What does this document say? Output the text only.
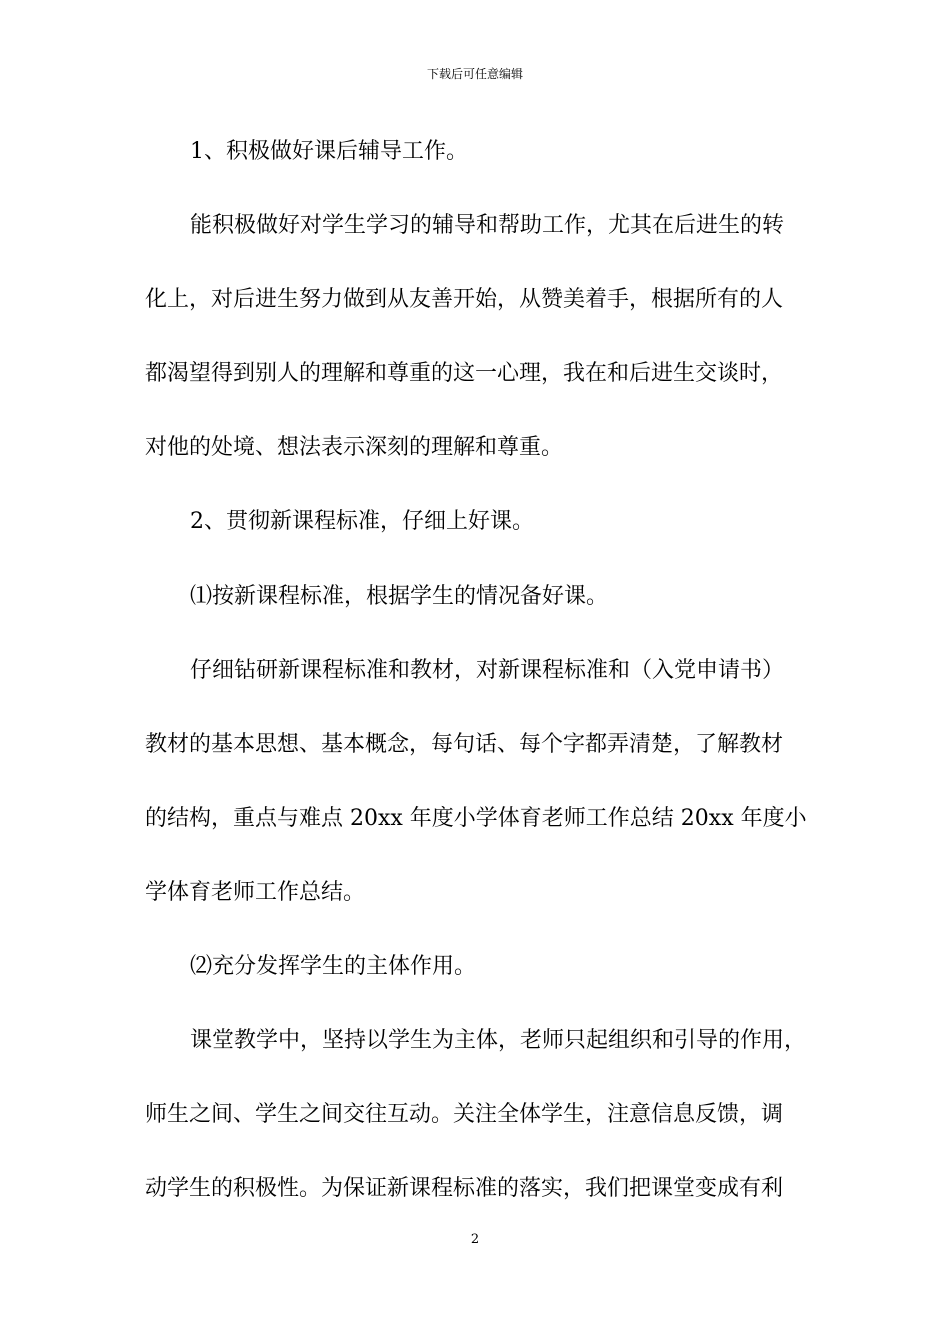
下载后可任意编辑
1、积极做好课后辅导工作。
能积极做好对学生学习的辅导和帮助工作，尤其在后进生的转
化上，对后进生努力做到从友善开始，从赞美着手，根据所有的人
都渴望得到别人的理解和尊重的这一心理，我在和后进生交谈时，
对他的处境、想法表示深刻的理解和尊重。
2、贯彻新课程标准，仔细上好课。
⑴按新课程标准，根据学生的情况备好课。
仔细钻研新课程标准和教材，对新课程标准和（入党申请书）
教材的基本思想、基本概念，每句话、每个字都弄清楚，了解教材
的结构，重点与难点 20xx 年度小学体育老师工作总结 20xx 年度小
学体育老师工作总结。
⑵充分发挥学生的主体作用。
课堂教学中，坚持以学生为主体，老师只起组织和引导的作用，
师生之间、学生之间交往互动。关注全体学生，注意信息反馈，调
动学生的积极性。为保证新课程标准的落实，我们把课堂变成有利
2
